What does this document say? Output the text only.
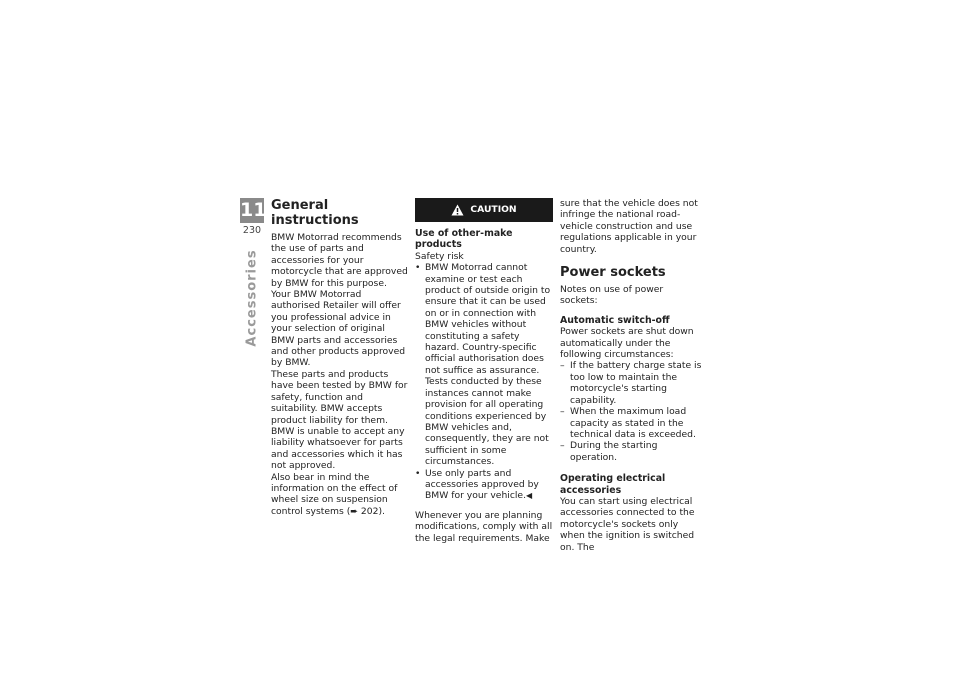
11
230
Accessories
General instructions

BMW Motorrad recommends the use of parts and accessories for your motorcycle that are approved by BMW for this purpose. Your BMW Motorrad authorised Retailer will offer you professional advice in your selection of original BMW parts and accessories and other products approved by BMW.

These parts and products have been tested by BMW for safety, function and suitability. BMW accepts product liability for them. BMW is unable to accept any liability whatsoever for parts and accessories which it has not approved.

Also bear in mind the information on the effect of wheel size on suspension control systems (➨ 202).

CAUTION
Use of other-make products

Safety risk

• BMW Motorrad cannot examine or test each product of outside origin to ensure that it can be used on or in connection with BMW vehicles without constituting a safety hazard. Country-specific official authorisation does not suffice as assurance. Tests conducted by these instances cannot make provision for all operating conditions experienced by BMW vehicles and, consequently, they are not sufficient in some circumstances.
• Use only parts and accessories approved by BMW for your vehicle.◀

Whenever you are planning modifications, comply with all the legal requirements. Make

sure that the vehicle does not infringe the national road-vehicle construction and use regulations applicable in your country.

Power sockets

Notes on use of power sockets:

Automatic switch-off

Power sockets are shut down automatically under the following circumstances:

– If the battery charge state is too low to maintain the motorcycle's starting capability.
– When the maximum load capacity as stated in the technical data is exceeded.
– During the starting operation.
Operating electrical accessories

You can start using electrical accessories connected to the motorcycle's sockets only when the ignition is switched on. The
